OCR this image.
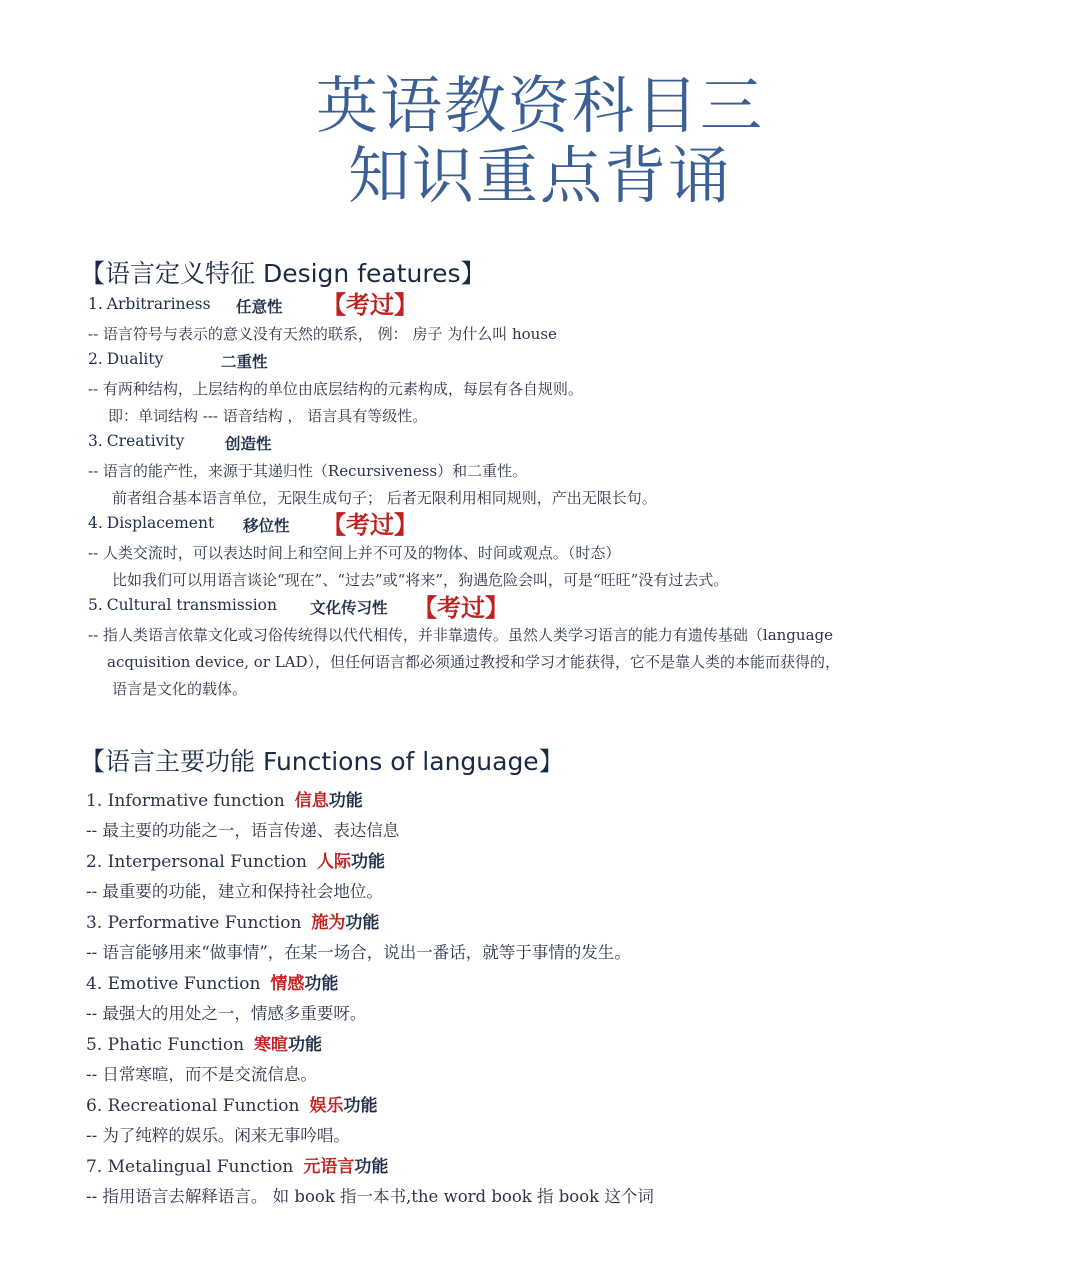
英语教资科目三
知识重点背诵
【语言定义特征 Design features】
1. Arbitrariness 任意性 【考过】
-- 语言符号与表示的意义没有天然的联系， 例： 房子 为什么叫 house
2. Duality	二重性
-- 有两种结构，上层结构的单位由底层结构的元素构成，每层有各自规则。
即：单词结构 --- 语音结构 ， 语言具有等级性。
3. Creativity	创造性
-- 语言的能产性，来源于其递归性（Recursiveness）和二重性。
前者组合基本语言单位，无限生成句子； 后者无限利用相同规则，产出无限长句。
4. Displacement 移位性 【考过】
-- 人类交流时，可以表达时间上和空间上并不可及的物体、时间或观点。（时态）
比如我们可以用语言谈论“现在”、“过去”或“将来”，狗遇危险会叫，可是“旺旺”没有过去式。
5. Cultural transmission 文化传习性 【考过】
-- 指人类语言依靠文化或习俗传统得以代代相传，并非靠遗传。虽然人类学习语言的能力有遗传基础（language
acquisition device, or LAD），但任何语言都必须通过教授和学习才能获得，它不是靠人类的本能而获得的，
语言是文化的载体。
【语言主要功能 Functions of language】
1. Informative function 信息功能
-- 最主要的功能之一，语言传递、表达信息
2. Interpersonal Function 人际功能
-- 最重要的功能，建立和保持社会地位。
3. Performative Function 施为功能
-- 语言能够用来“做事情”，在某一场合，说出一番话，就等于事情的发生。
4. Emotive Function 情感功能
-- 最强大的用处之一，情感多重要呀。
5. Phatic Function 寒暄功能
-- 日常寒暄，而不是交流信息。
6. Recreational Function 娱乐功能
-- 为了纯粹的娱乐。闲来无事吟唱。
7. Metalingual Function 元语言功能
-- 指用语言去解释语言。 如 book 指一本书,the word book 指 book 这个词
